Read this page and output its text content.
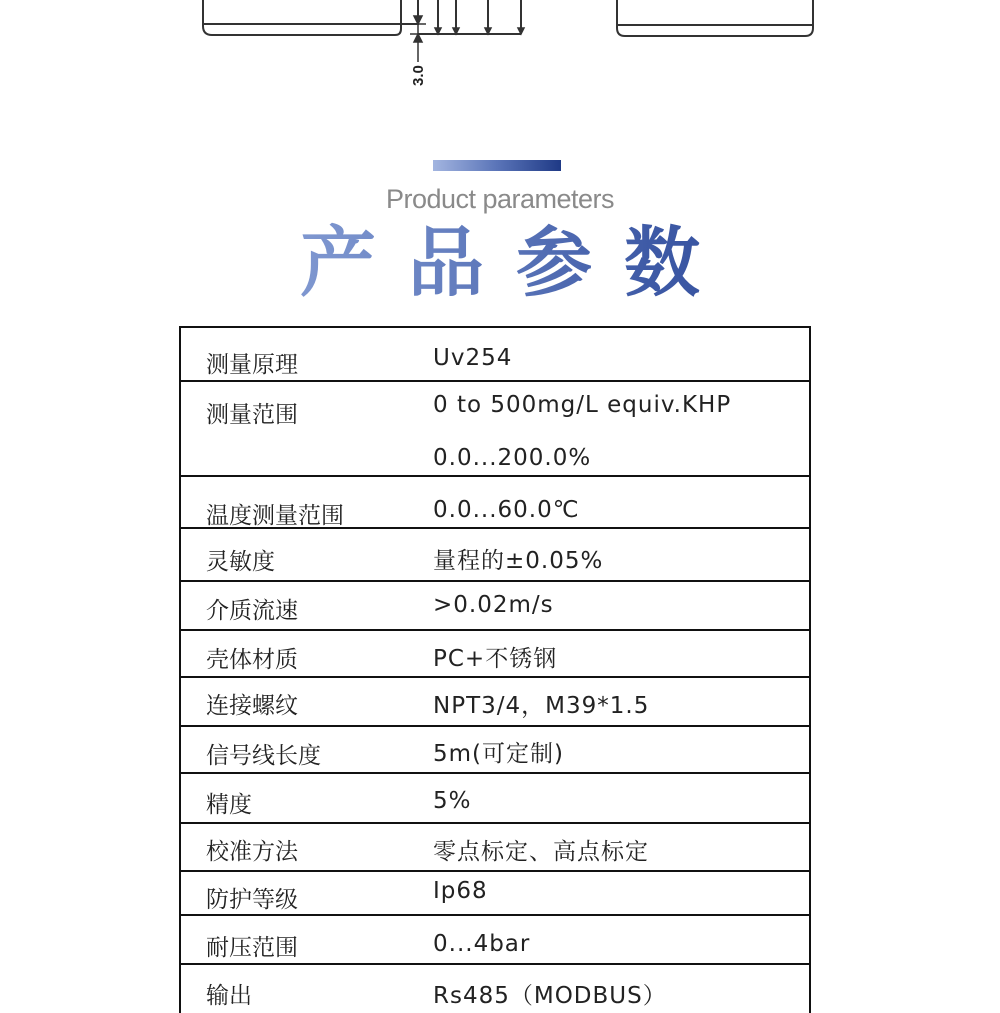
3.0
Product parameters
产品参数
测量原理	Uv254
测量范围	0 to 500mg/L equiv.KHP
0.0...200.0%
温度测量范围	0.0...60.0℃
灵敏度	量程的±0.05%
介质流速	>0.02m/s
壳体材质	PC+不锈钢
连接螺纹	NPT3/4，M39*1.5
信号线长度	5m(可定制)
精度	5%
校准方法	零点标定、高点标定
防护等级	Ip68
耐压范围	0...4bar
输出	Rs485（MODBUS）
